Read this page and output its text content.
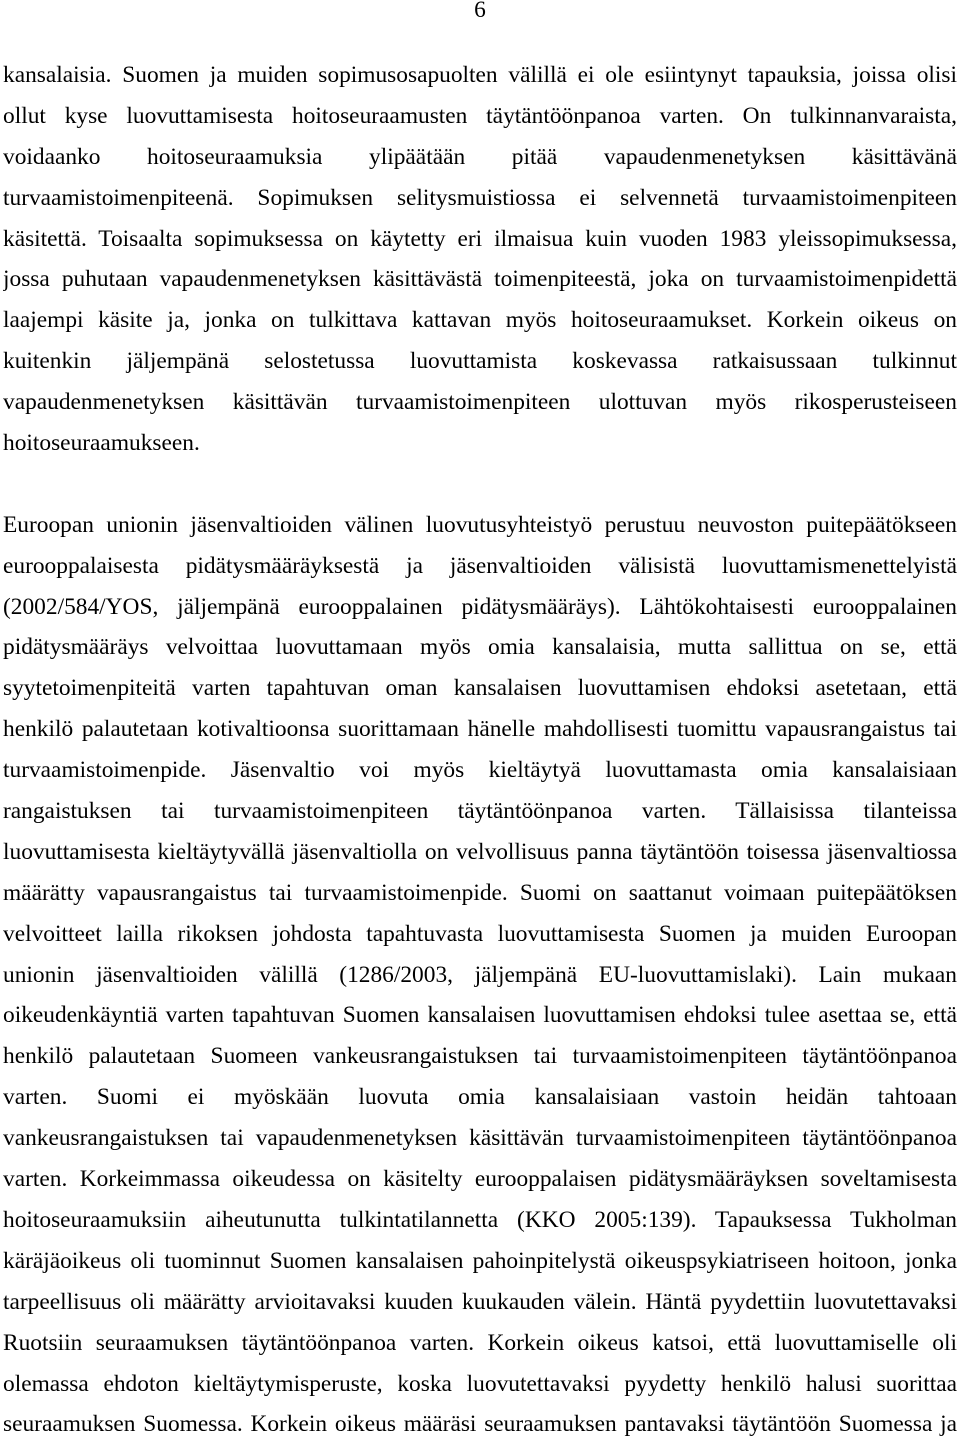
6
kansalaisia. Suomen ja muiden sopimusosapuolten välillä ei ole esiintynyt tapauksia, joissa olisi
ollut kyse luovuttamisesta hoitoseuraamusten täytäntöönpanoa varten. On tulkinnanvaraista,
voidaanko hoitoseuraamuksia ylipäätään pitää vapaudenmenetyksen käsittävänä
turvaamistoimenpiteenä. Sopimuksen selitysmuistiossa ei selvennetä turvaamistoimenpiteen
käsitettä. Toisaalta sopimuksessa on käytetty eri ilmaisua kuin vuoden 1983 yleissopimuksessa,
jossa puhutaan vapaudenmenetyksen käsittävästä toimenpiteestä, joka on turvaamistoimenpidettä
laajempi käsite ja, jonka on tulkittava kattavan myös hoitoseuraamukset. Korkein oikeus on
kuitenkin jäljempänä selostetussa luovuttamista koskevassa ratkaisussaan tulkinnut
vapaudenmenetyksen käsittävän turvaamistoimenpiteen ulottuvan myös rikosperusteiseen
hoitoseuraamukseen.
Euroopan unionin jäsenvaltioiden välinen luovutusyhteistyö perustuu neuvoston puitepäätökseen
eurooppalaisesta pidätysmääräyksestä ja jäsenvaltioiden välisistä luovuttamismenettelyistä
(2002/584/YOS, jäljempänä eurooppalainen pidätysmääräys). Lähtökohtaisesti eurooppalainen
pidätysmääräys velvoittaa luovuttamaan myös omia kansalaisia, mutta sallittua on se, että
syytetoimenpiteitä varten tapahtuvan oman kansalaisen luovuttamisen ehdoksi asetetaan, että
henkilö palautetaan kotivaltioonsa suorittamaan hänelle mahdollisesti tuomittu vapausrangaistus tai
turvaamistoimenpide. Jäsenvaltio voi myös kieltäytyä luovuttamasta omia kansalaisiaan
rangaistuksen tai turvaamistoimenpiteen täytäntöönpanoa varten. Tällaisissa tilanteissa
luovuttamisesta kieltäytyvällä jäsenvaltiolla on velvollisuus panna täytäntöön toisessa jäsenvaltiossa
määrätty vapausrangaistus tai turvaamistoimenpide. Suomi on saattanut voimaan puitepäätöksen
velvoitteet lailla rikoksen johdosta tapahtuvasta luovuttamisesta Suomen ja muiden Euroopan
unionin jäsenvaltioiden välillä (1286/2003, jäljempänä EU-luovuttamislaki). Lain mukaan
oikeudenkäyntiä varten tapahtuvan Suomen kansalaisen luovuttamisen ehdoksi tulee asettaa se, että
henkilö palautetaan Suomeen vankeusrangaistuksen tai turvaamistoimenpiteen täytäntöönpanoa
varten. Suomi ei myöskään luovuta omia kansalaisiaan vastoin heidän tahtoaan
vankeusrangaistuksen tai vapaudenmenetyksen käsittävän turvaamistoimenpiteen täytäntöönpanoa
varten. Korkeimmassa oikeudessa on käsitelty eurooppalaisen pidätysmääräyksen soveltamisesta
hoitoseuraamuksiin aiheutunutta tulkintatilannetta (KKO 2005:139). Tapauksessa Tukholman
käräjäoikeus oli tuominnut Suomen kansalaisen pahoinpitelystä oikeuspsykiatriseen hoitoon, jonka
tarpeellisuus oli määrätty arvioitavaksi kuuden kuukauden välein. Häntä pyydettiin luovutettavaksi
Ruotsiin seuraamuksen täytäntöönpanoa varten. Korkein oikeus katsoi, että luovuttamiselle oli
olemassa ehdoton kieltäytymisperuste, koska luovutettavaksi pyydetty henkilö halusi suorittaa
seuraamuksen Suomessa. Korkein oikeus määräsi seuraamuksen pantavaksi täytäntöön Suomessa ja
